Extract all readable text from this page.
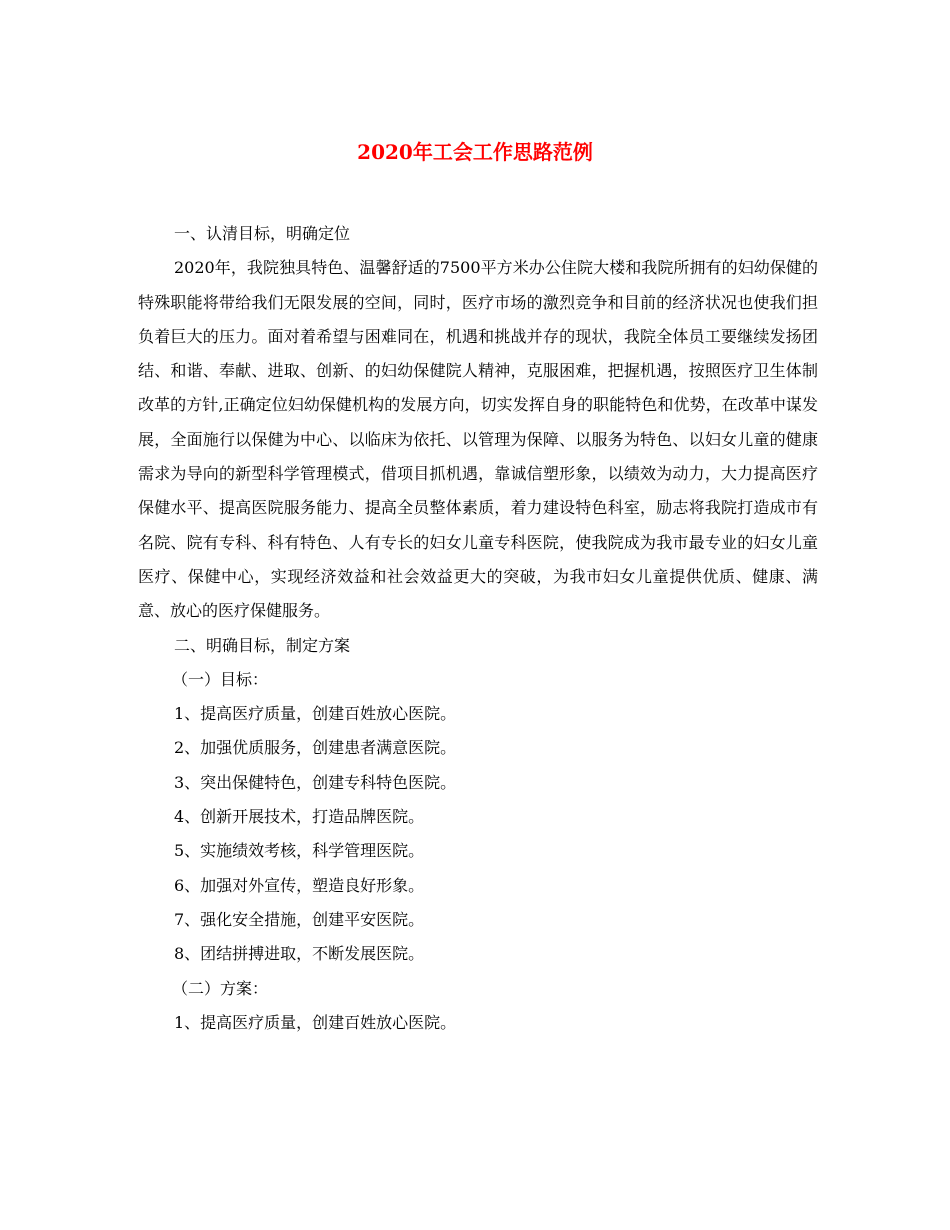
2020年工会工作思路范例

一、认清目标，明确定位

2020年，我院独具特色、温馨舒适的7500平方米办公住院大楼和我院所拥有的妇幼保健的特殊职能将带给我们无限发展的空间，同时，医疗市场的激烈竞争和目前的经济状况也使我们担负着巨大的压力。面对着希望与困难同在，机遇和挑战并存的现状，我院全体员工要继续发扬团结、和谐、奉献、进取、创新、的妇幼保健院人精神，克服困难，把握机遇，按照医疗卫生体制改革的方针,正确定位妇幼保健机构的发展方向，切实发挥自身的职能特色和优势，在改革中谋发展，全面施行以保健为中心、以临床为依托、以管理为保障、以服务为特色、以妇女儿童的健康需求为导向的新型科学管理模式，借项目抓机遇，靠诚信塑形象，以绩效为动力，大力提高医疗保健水平、提高医院服务能力、提高全员整体素质，着力建设特色科室，励志将我院打造成市有名院、院有专科、科有特色、人有专长的妇女儿童专科医院，使我院成为我市最专业的妇女儿童医疗、保健中心，实现经济效益和社会效益更大的突破，为我市妇女儿童提供优质、健康、满意、放心的医疗保健服务。

二、明确目标，制定方案

（一）目标：

1、提高医疗质量，创建百姓放心医院。

2、加强优质服务，创建患者满意医院。

3、突出保健特色，创建专科特色医院。

4、创新开展技术，打造品牌医院。

5、实施绩效考核，科学管理医院。

6、加强对外宣传，塑造良好形象。

7、强化安全措施，创建平安医院。

8、团结拼搏进取，不断发展医院。

（二）方案：

1、提高医疗质量，创建百姓放心医院。
